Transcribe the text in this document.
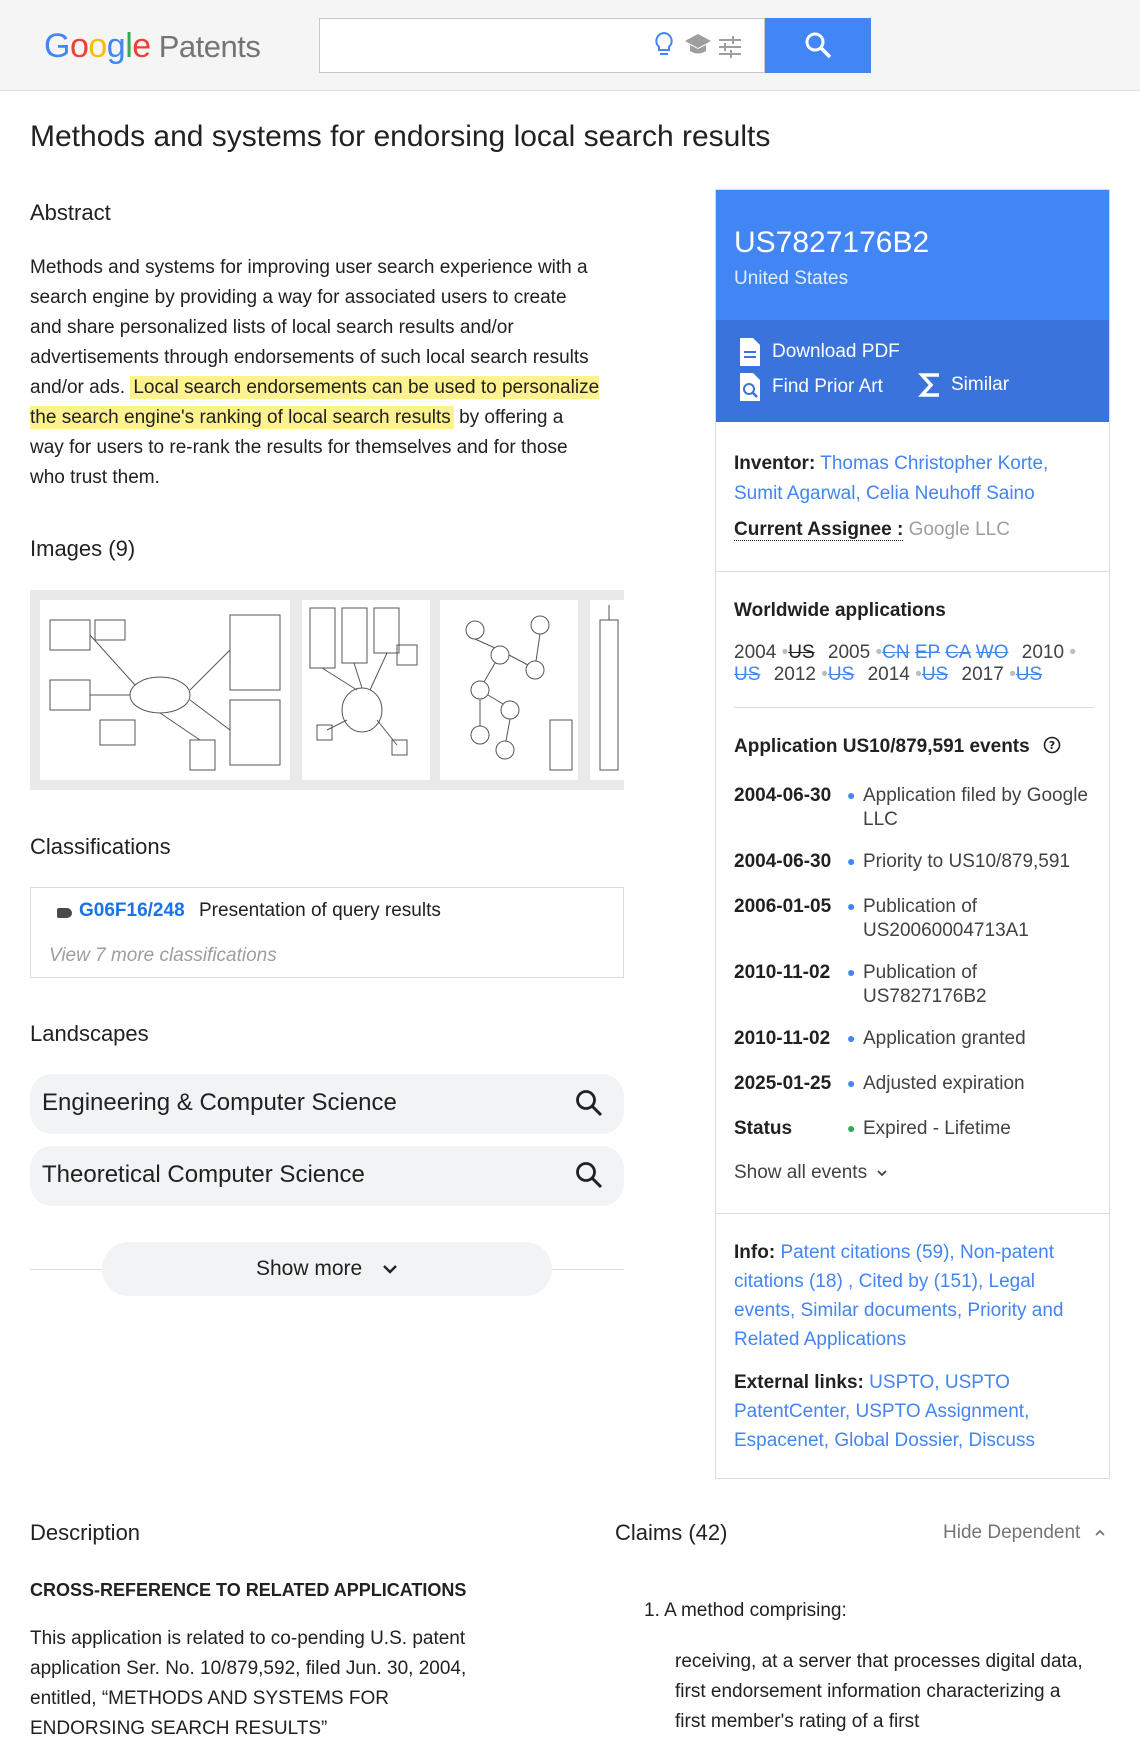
Google Patents
Methods and systems for endorsing local search results
Abstract
Methods and systems for improving user search experience with a search engine by providing a way for associated users to create and share personalized lists of local search results and/or advertisements through endorsements of such local search results and/or ads. Local search endorsements can be used to personalize the search engine's ranking of local search results by offering a way for users to re-rank the results for themselves and for those who trust them.
Images (9)
Classifications
G06F16/248 Presentation of query results
View 7 more classifications
Landscapes
Engineering & Computer Science
Theoretical Computer Science
Show more
US7827176B2
United States
Download PDF
Find Prior Art	Similar
Inventor: Thomas Christopher Korte, Sumit Agarwal, Celia Neuhoff Saino
Current Assignee : Google LLC
Worldwide applications
2004 •US 2005 •CN EP CA WO 2010 •
US 2012 •US 2014 •US 2017 •US
Application US10/879,591 events ?
2004-06-30 ● Application filed by Google LLC
2004-06-30 ● Priority to US10/879,591
2006-01-05 ● Publication of US20060004713A1
2010-11-02 ● Publication of US7827176B2
2010-11-02 ● Application granted
2025-01-25 ● Adjusted expiration
Status	● Expired - Lifetime
Show all events
Info: Patent citations (59), Non-patent citations (18) , Cited by (151), Legal events, Similar documents, Priority and Related Applications
External links: USPTO, USPTO PatentCenter, USPTO Assignment, Espacenet, Global Dossier, Discuss
Description
CROSS-REFERENCE TO RELATED APPLICATIONS
This application is related to co-pending U.S. patent application Ser. No. 10/879,592, filed Jun. 30, 2004, entitled, “METHODS AND SYSTEMS FOR ENDORSING SEARCH RESULTS”
Claims (42)	Hide Dependent
1. A method comprising:
receiving, at a server that processes digital data, first endorsement information characterizing a first member's rating of a first
